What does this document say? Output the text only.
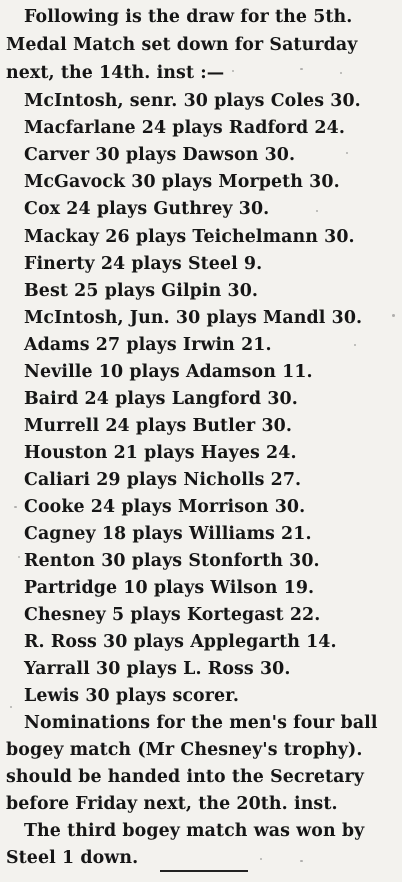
Following is the draw for the 5th.
Medal Match set down for Saturday
next, the 14th. inst :—
McIntosh, senr. 30 plays Coles 30.
Macfarlane 24 plays Radford 24.
Carver 30 plays Dawson 30.
McGavock 30 plays Morpeth 30.
Cox 24 plays Guthrey 30.
Mackay 26 plays Teichelmann 30.
Finerty 24 plays Steel 9.
Best 25 plays Gilpin 30.
McIntosh, Jun. 30 plays Mandl 30.
Adams 27 plays Irwin 21.
Neville 10 plays Adamson 11.
Baird 24 plays Langford 30.
Murrell 24 plays Butler 30.
Houston 21 plays Hayes 24.
Caliari 29 plays Nicholls 27.
Cooke 24 plays Morrison 30.
Cagney 18 plays Williams 21.
Renton 30 plays Stonforth 30.
Partridge 10 plays Wilson 19.
Chesney 5 plays Kortegast 22.
R. Ross 30 plays Applegarth 14.
Yarrall 30 plays L. Ross 30.
Lewis 30 plays scorer.
Nominations for the men's four ball
bogey match (Mr Chesney's trophy).
should be handed into the Secretary
before Friday next, the 20th. inst.
The third bogey match was won by
Steel 1 down.
